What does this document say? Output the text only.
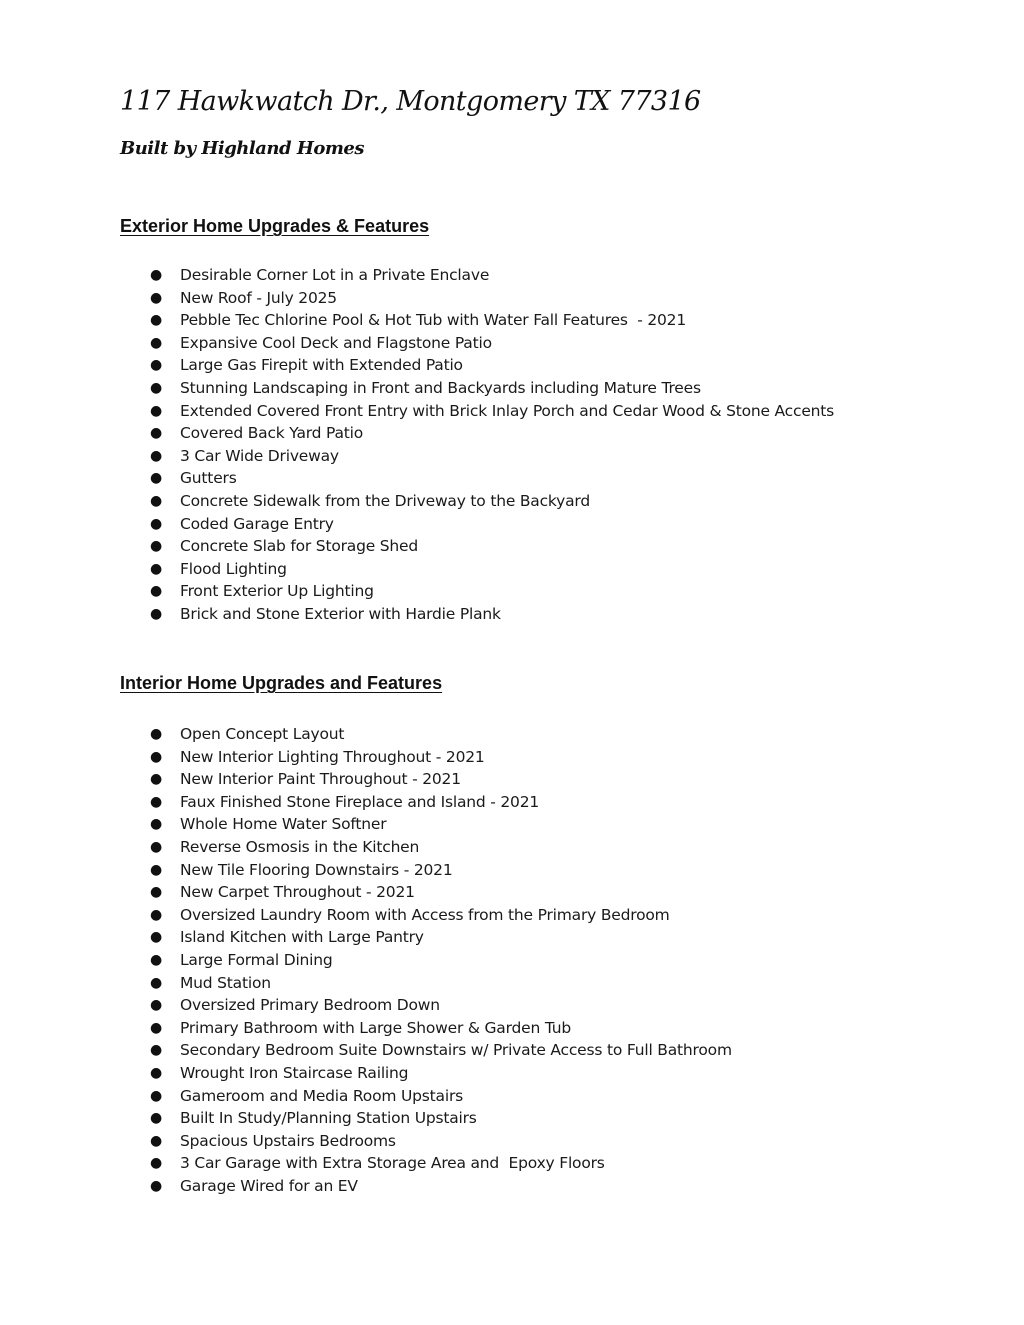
117 Hawkwatch Dr., Montgomery TX 77316
Built by Highland Homes
Exterior Home Upgrades & Features
● Desirable Corner Lot in a Private Enclave
● New Roof - July 2025
● Pebble Tec Chlorine Pool & Hot Tub with Water Fall Features  - 2021
● Expansive Cool Deck and Flagstone Patio
● Large Gas Firepit with Extended Patio
● Stunning Landscaping in Front and Backyards including Mature Trees
● Extended Covered Front Entry with Brick Inlay Porch and Cedar Wood & Stone Accents
● Covered Back Yard Patio
● 3 Car Wide Driveway
● Gutters
● Concrete Sidewalk from the Driveway to the Backyard
● Coded Garage Entry
● Concrete Slab for Storage Shed
● Flood Lighting
● Front Exterior Up Lighting
● Brick and Stone Exterior with Hardie Plank
Interior Home Upgrades and Features
● Open Concept Layout
● New Interior Lighting Throughout - 2021
● New Interior Paint Throughout - 2021
● Faux Finished Stone Fireplace and Island - 2021
● Whole Home Water Softner
● Reverse Osmosis in the Kitchen
● New Tile Flooring Downstairs - 2021
● New Carpet Throughout - 2021
● Oversized Laundry Room with Access from the Primary Bedroom
● Island Kitchen with Large Pantry
● Large Formal Dining
● Mud Station
● Oversized Primary Bedroom Down
● Primary Bathroom with Large Shower & Garden Tub
● Secondary Bedroom Suite Downstairs w/ Private Access to Full Bathroom
● Wrought Iron Staircase Railing
● Gameroom and Media Room Upstairs
● Built In Study/Planning Station Upstairs
● Spacious Upstairs Bedrooms
● 3 Car Garage with Extra Storage Area and  Epoxy Floors
● Garage Wired for an EV
